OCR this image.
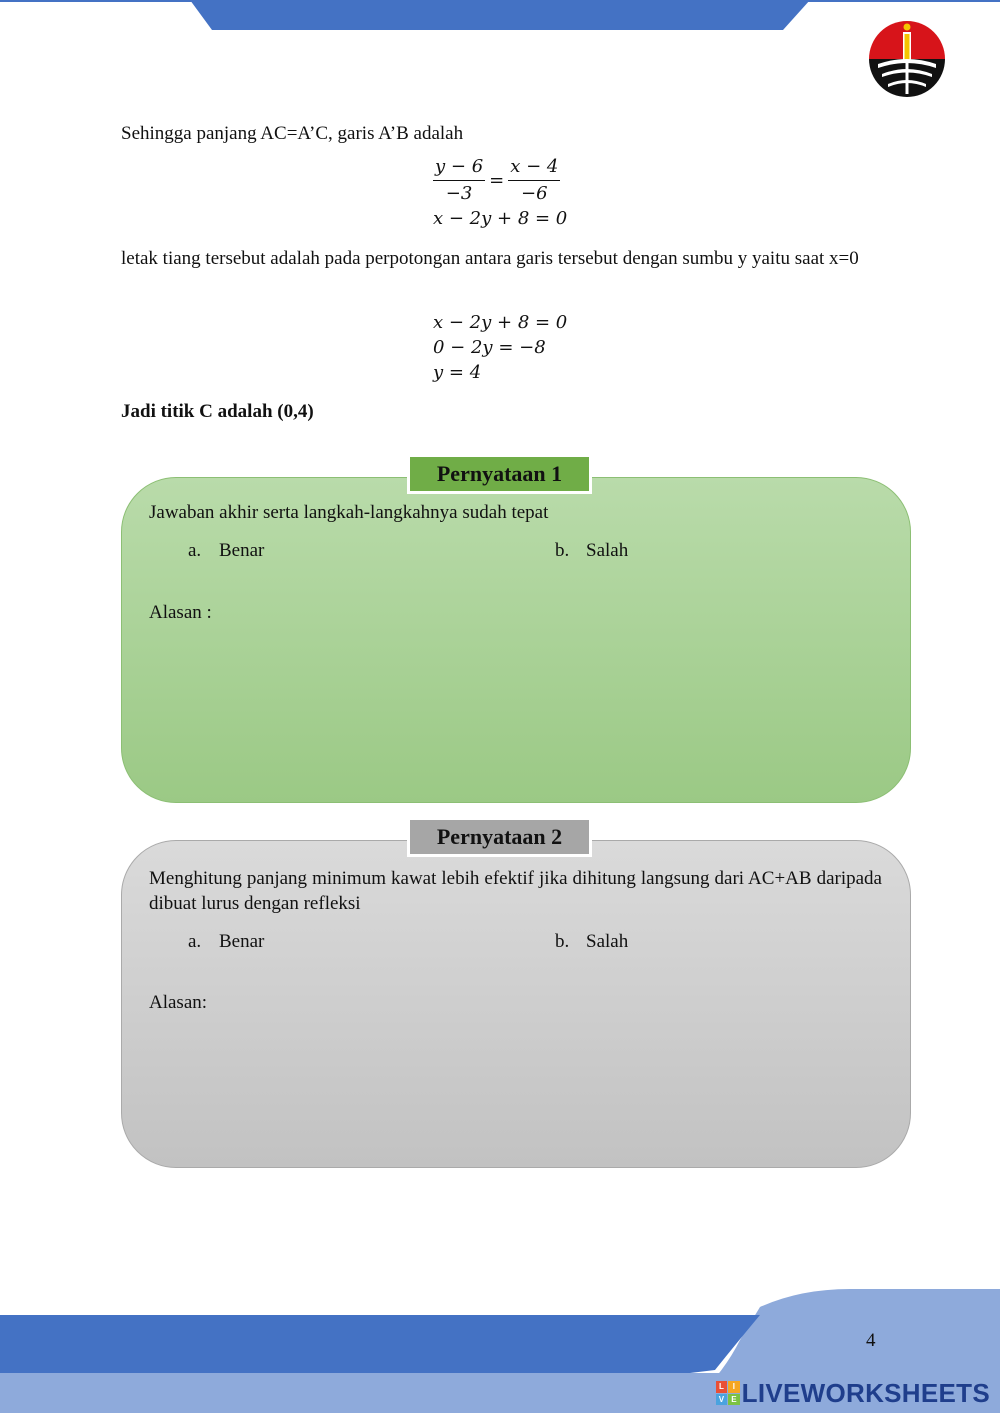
Sehingga panjang AC=A’C, garis A’B adalah
$\frac{y - 6}{-3} = \frac{x - 4}{-6}$
x − 2y + 8 = 0
letak tiang tersebut adalah pada perpotongan antara garis tersebut dengan sumbu y yaitu saat x=0
x − 2y + 8 = 0
0 − 2y = −8
y = 4
Jadi titik C adalah (0,4)
Pernyataan 1
Jawaban akhir serta langkah-langkahnya sudah tepat
a. Benar	b. Salah
Alasan :
Pernyataan 2
Menghitung panjang minimum kawat lebih efektif jika dihitung langsung dari AC+AB daripada dibuat lurus dengan refleksi
a. Benar	b. Salah
Alasan:
4
L	I
V E LIVEWORKSHEETS
